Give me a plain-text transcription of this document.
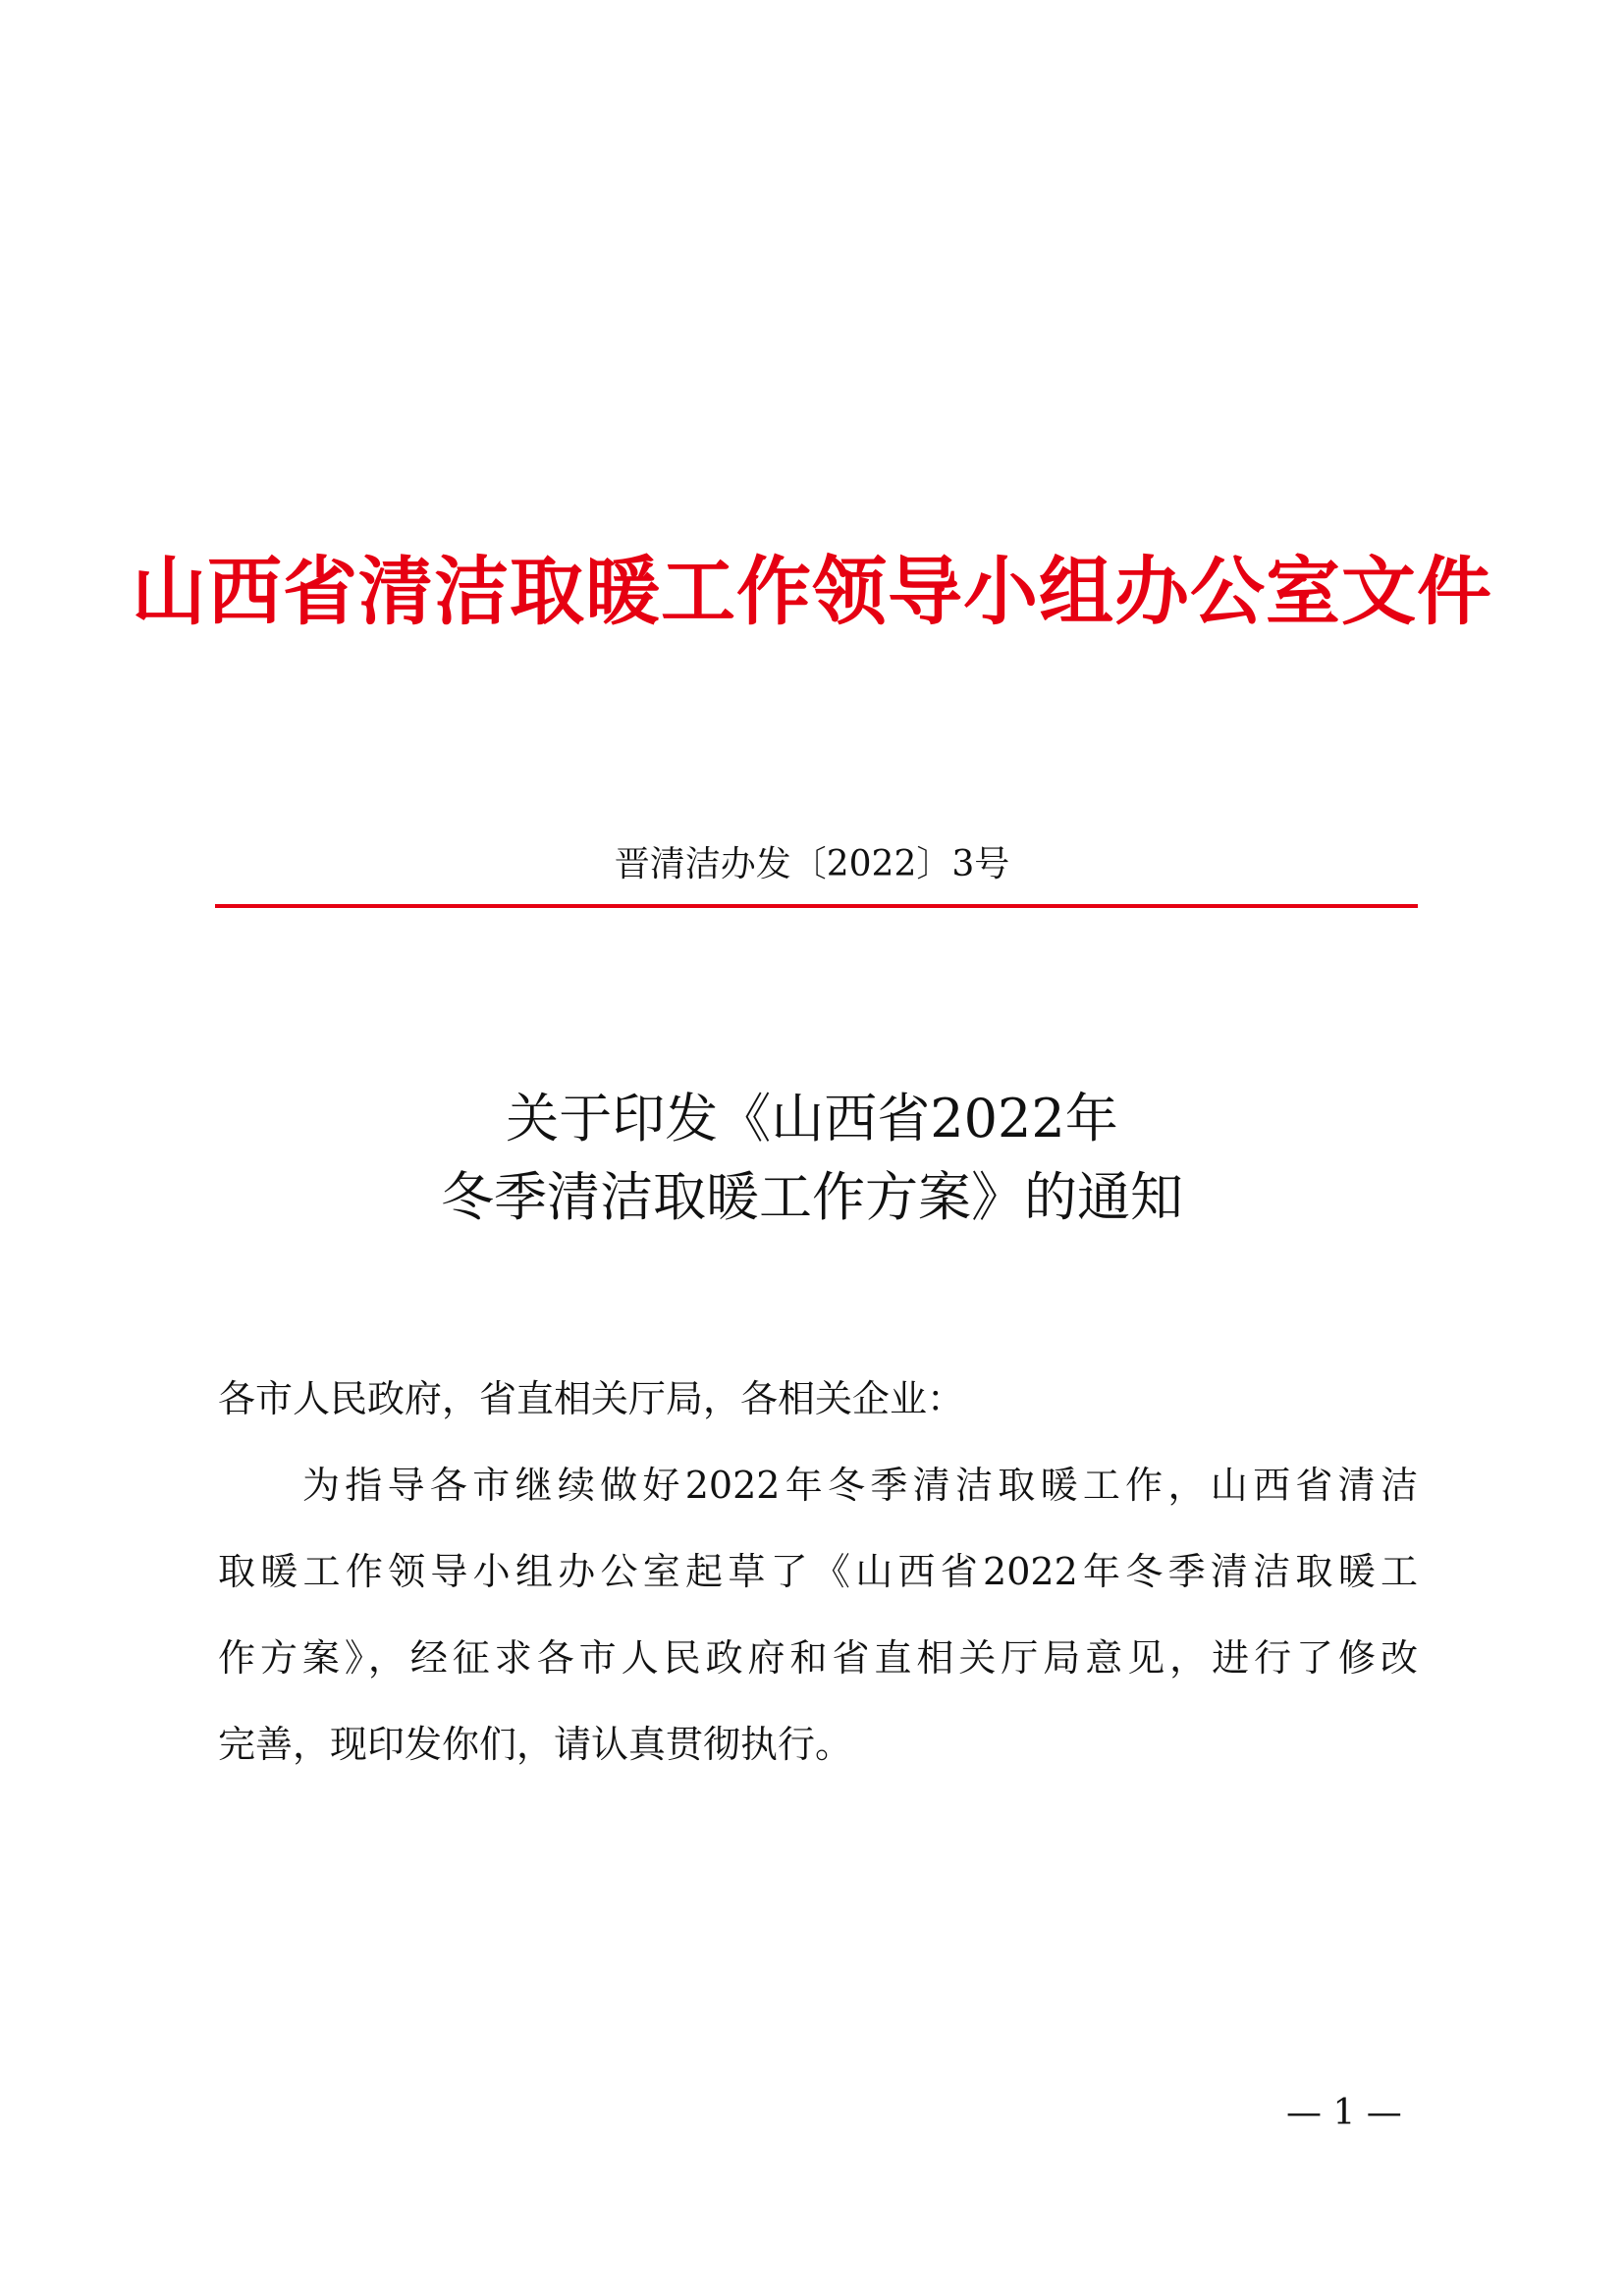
山西省清洁取暖工作领导小组办公室文件
晋清洁办发〔2022〕3号
关于印发《山西省2022年
冬季清洁取暖工作方案》的通知
各市人民政府，省直相关厅局，各相关企业：
为指导各市继续做好2022年冬季清洁取暖工作，山西省清洁
取暖工作领导小组办公室起草了《山西省2022年冬季清洁取暖工
作方案》，经征求各市人民政府和省直相关厅局意见，进行了修改
完善，现印发你们，请认真贯彻执行。
— 1 —
